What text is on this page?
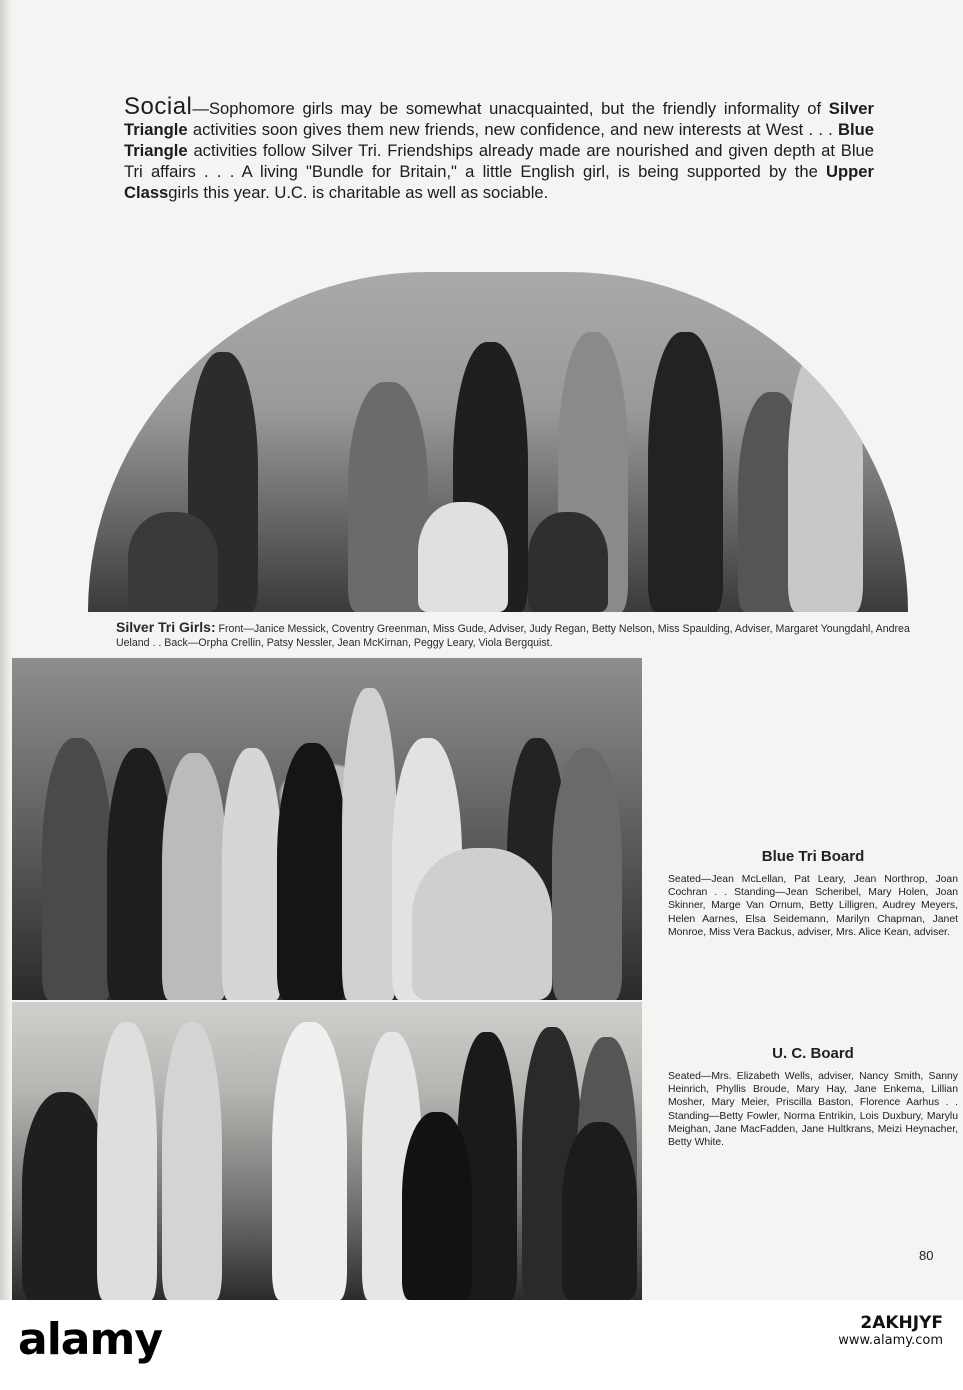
Social—Sophomore girls may be somewhat unacquainted, but the friendly informality of Silver Triangle activities soon gives them new friends, new confidence, and new interests at West . . . Blue Triangle activities follow Silver Tri. Friendships already made are nourished and given depth at Blue Tri affairs . . . A living "Bundle for Britain," a little English girl, is being supported by the Upper Classgirls this year. U.C. is charitable as well as sociable.

Silver Tri Girls: Front—Janice Messick, Coventry Greenman, Miss Gude, Adviser, Judy Regan, Betty Nelson, Miss Spaulding, Adviser, Margaret Youngdahl, Andrea Ueland . . Back—Orpha Crellin, Patsy Nessler, Jean McKirnan, Peggy Leary, Viola Bergquist.

Blue Tri Board

Seated—Jean McLellan, Pat Leary, Jean Northrop, Joan Cochran . . Standing—Jean Scheribel, Mary Holen, Joan Skinner, Marge Van Ornum, Betty Lilligren, Audrey Meyers, Helen Aarnes, Elsa Seidemann, Marilyn Chapman, Janet Monroe, Miss Vera Backus, adviser, Mrs. Alice Kean, adviser.

U. C. Board

Seated—Mrs. Elizabeth Wells, adviser, Nancy Smith, Sanny Heinrich, Phyllis Broude, Mary Hay, Jane Enkema, Lillian Mosher, Mary Meier, Priscilla Baston, Florence Aarhus . . Standing—Betty Fowler, Norma Entrikin, Lois Duxbury, Marylu Meighan, Jane MacFadden, Jane Hultkrans, Meizi Heynacher, Betty White.

80
alamy	2AKHJYF
www.alamy.com
